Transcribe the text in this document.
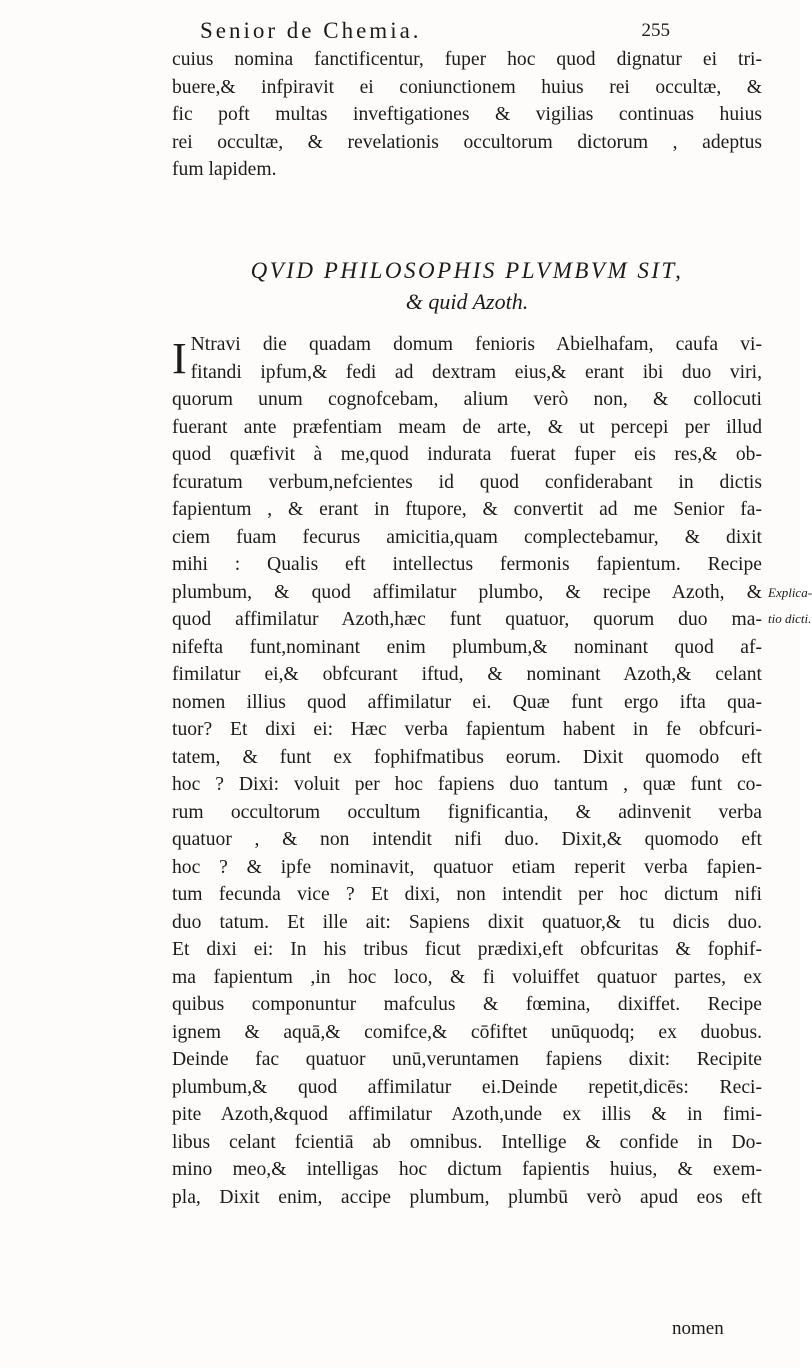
Senior de Chemia.	255
cuius nomina fanctificentur, fuper hoc quod dignatur ei tri-
buere,& infpiravit ei coniunctionem huius rei occultæ, &
fic poft multas inveftigationes & vigilias continuas huius
rei occultæ, & revelationis occultorum dictorum , adeptus
fum lapidem.
QVID PHILOSOPHIS PLVMBVM SIT,
& quid Azoth.
I Ntravi die quadam domum fenioris Abielhafam, caufa vi-
fitandi ipfum,& fedi ad dextram eius,& erant ibi duo viri,
quorum unum cognofcebam, alium verò non, & collocuti
fuerant ante præfentiam meam de arte, & ut percepi per illud
quod quæfivit à me,quod indurata fuerat fuper eis res,& ob-
fcuratum verbum,nefcientes id quod confiderabant in dictis
fapientum , & erant in ftupore, & convertit ad me Senior fa-
ciem fuam fecurus amicitia,quam complectebamur, & dixit
mihi : Qualis eft intellectus fermonis fapientum. Recipe
plumbum, & quod affimilatur plumbo, & recipe Azoth, &
quod affimilatur Azoth,hæc funt quatuor, quorum duo ma-
nifefta funt,nominant enim plumbum,& nominant quod af-
fimilatur ei,& obfcurant iftud, & nominant Azoth,& celant
nomen illius quod affimilatur ei. Quæ funt ergo ifta qua-
tuor? Et dixi ei: Hæc verba fapientum habent in fe obfcuri-
tatem, & funt ex fophifmatibus eorum. Dixit quomodo eft
hoc ? Dixi: voluit per hoc fapiens duo tantum , quæ funt co-
rum occultorum occultum fignificantia, & adinvenit verba
quatuor , & non intendit nifi duo. Dixit,& quomodo eft
hoc ? & ipfe nominavit, quatuor etiam reperit verba fapien-
tum fecunda vice ? Et dixi, non intendit per hoc dictum nifi
duo tatum. Et ille ait: Sapiens dixit quatuor,& tu dicis duo.
Et dixi ei: In his tribus ficut prædixi,eft obfcuritas & fophif-
ma fapientum ,in hoc loco, & fi voluiffet quatuor partes, ex
quibus componuntur mafculus & fœmina, dixiffet. Recipe
ignem & aquā,& comifce,& cōfiftet unūquodq; ex duobus.
Deinde fac quatuor unū,veruntamen fapiens dixit: Recipite
plumbum,& quod affimilatur ei.Deinde repetit,dicēs: Reci-
pite Azoth,&quod affimilatur Azoth,unde ex illis & in fimi-
libus celant fcientiā ab omnibus. Intellige & confide in Do-
mino meo,& intelligas hoc dictum fapientis huius, & exem-
pla, Dixit enim, accipe plumbum, plumbū verò apud eos eft
Explica-
tio dicti.
nomen
